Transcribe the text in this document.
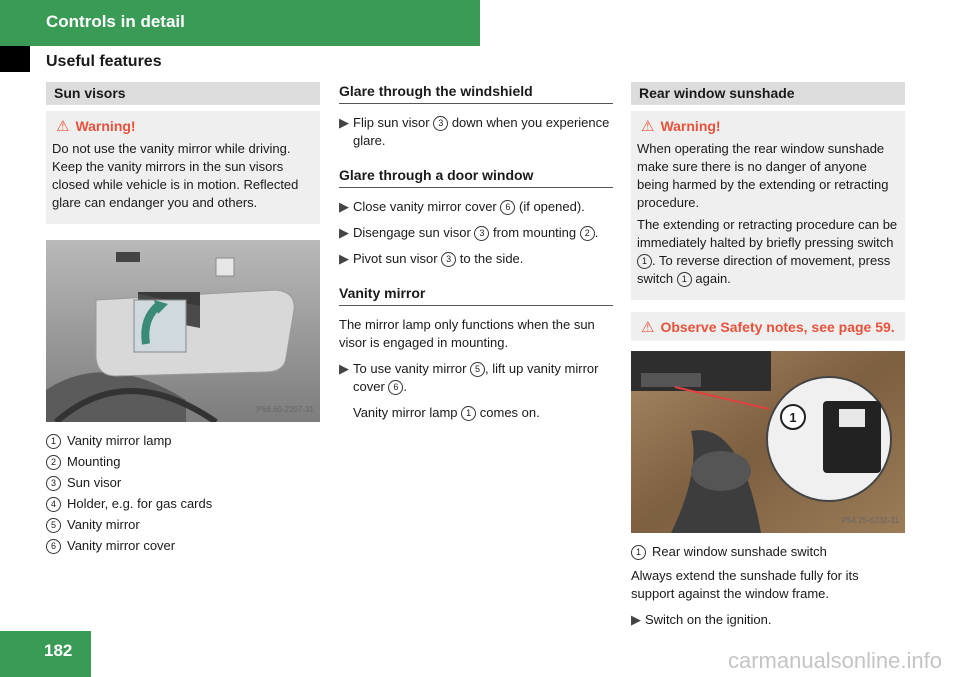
Controls in detail
Useful features
Sun visors
⚠ Warning!

Do not use the vanity mirror while driving. Keep the vanity mirrors in the sun visors closed while vehicle is in motion. Reflected glare can endanger you and others.

P68.60-2207-31
1 Vanity mirror lamp
2 Mounting
3 Sun visor
4 Holder, e.g. for gas cards
5 Vanity mirror
6 Vanity mirror cover
Glare through the windshield
▶ Flip sun visor 3 down when you experience glare.
Glare through a door window
▶ Close vanity mirror cover 6 (if opened).
▶ Disengage sun visor 3 from mounting 2 .
▶ Pivot sun visor 3 to the side.
Vanity mirror

The mirror lamp only functions when the sun visor is engaged in mounting.

▶ To use vanity mirror 5 , lift up vanity mirror cover 6 .
Vanity mirror lamp 1 comes on.
Rear window sunshade
⚠ Warning!

When operating the rear window sunshade make sure there is no danger of anyone being harmed by the extending or retracting procedure.

The extending or retracting procedure can be immediately halted by briefly pressing switch 1 . To reverse direction of movement, press switch 1 again.

⚠ Observe Safety notes, see page 59.
1
P54.25-6232-31
1 Rear window sunshade switch

Always extend the sunshade fully for its support against the window frame.

▶ Switch on the ignition.
182	carmanualsonline.info
